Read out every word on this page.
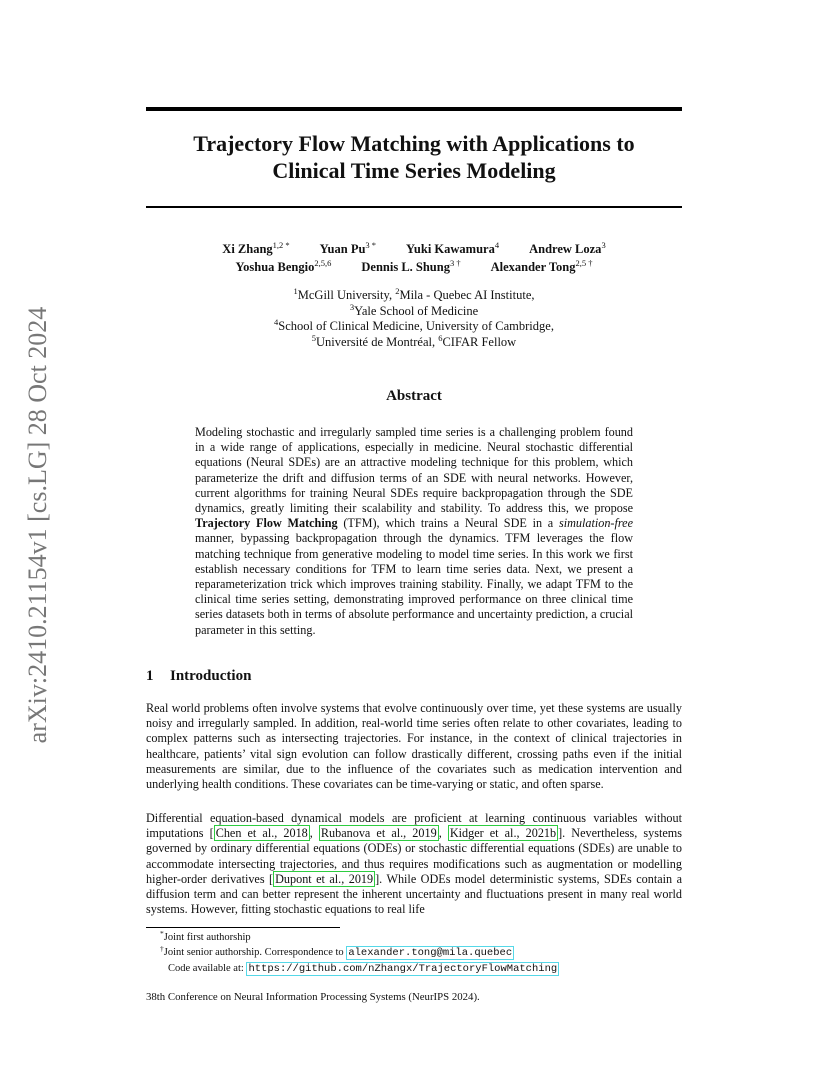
arXiv:2410.21154v1 [cs.LG] 28 Oct 2024
Trajectory Flow Matching with Applications to
Clinical Time Series Modeling
Xi Zhang$^{1,2 *}$ Yuan $Pu^{3 *}$ Yuki Kawamura$^4$ Andrew Loza$^3$
Yoshua Bengio$^{2,5,6}$ Dennis L. Shung$^{3 \dagger}$ Alexander Tong$^{2,5 \dagger}$
$^1$McGill University, $^2$Mila - Quebec AI Institute,
$^3$Yale School of Medicine
$^4$School of Clinical Medicine, University of Cambridge,
$^5$Université de Montréal, $^6$CIFAR Fellow
Abstract

Modeling stochastic and irregularly sampled time series is a challenging problem found in a wide range of applications, especially in medicine. Neural stochastic differential equations (Neural SDEs) are an attractive modeling technique for this problem, which parameterize the drift and diffusion terms of an SDE with neural networks. However, current algorithms for training Neural SDEs require backpropagation through the SDE dynamics, greatly limiting their scalability and stability. To address this, we propose Trajectory Flow Matching (TFM), which trains a Neural SDE in a simulation-free manner, bypassing backpropagation through the dynamics. TFM leverages the flow matching technique from generative modeling to model time series. In this work we first establish necessary conditions for TFM to learn time series data. Next, we present a reparameterization trick which improves training stability. Finally, we adapt TFM to the clinical time series setting, demonstrating improved performance on three clinical time series datasets both in terms of absolute performance and uncertainty prediction, a crucial parameter in this setting.

1 Introduction

Real world problems often involve systems that evolve continuously over time, yet these systems are usually noisy and irregularly sampled. In addition, real-world time series often relate to other covariates, leading to complex patterns such as intersecting trajectories. For instance, in the context of clinical trajectories in healthcare, patients’ vital sign evolution can follow drastically different, crossing paths even if the initial measurements are similar, due to the influence of the covariates such as medication intervention and underlying health conditions. These covariates can be time-varying or static, and often sparse.

Differential equation-based dynamical models are proficient at learning continuous variables without imputations [ Chen et al., 2018 , Rubanova et al., 2019 , Kidger et al., 2021b ]. Nevertheless, systems governed by ordinary differential equations (ODEs) or stochastic differential equations (SDEs) are unable to accommodate intersecting trajectories, and thus requires modifications such as augmentation or modelling higher-order derivatives [ Dupont et al., 2019 ]. While ODEs model deterministic systems, SDEs contain a diffusion term and can better represent the inherent uncertainty and fluctuations present in many real world systems. However, fitting stochastic equations to real life

*Joint first authorship
†Joint senior authorship. Correspondence to alexander.tong@mila.quebec
Code available at: https://github.com/nZhangx/TrajectoryFlowMatching
38th Conference on Neural Information Processing Systems (NeurIPS 2024).
